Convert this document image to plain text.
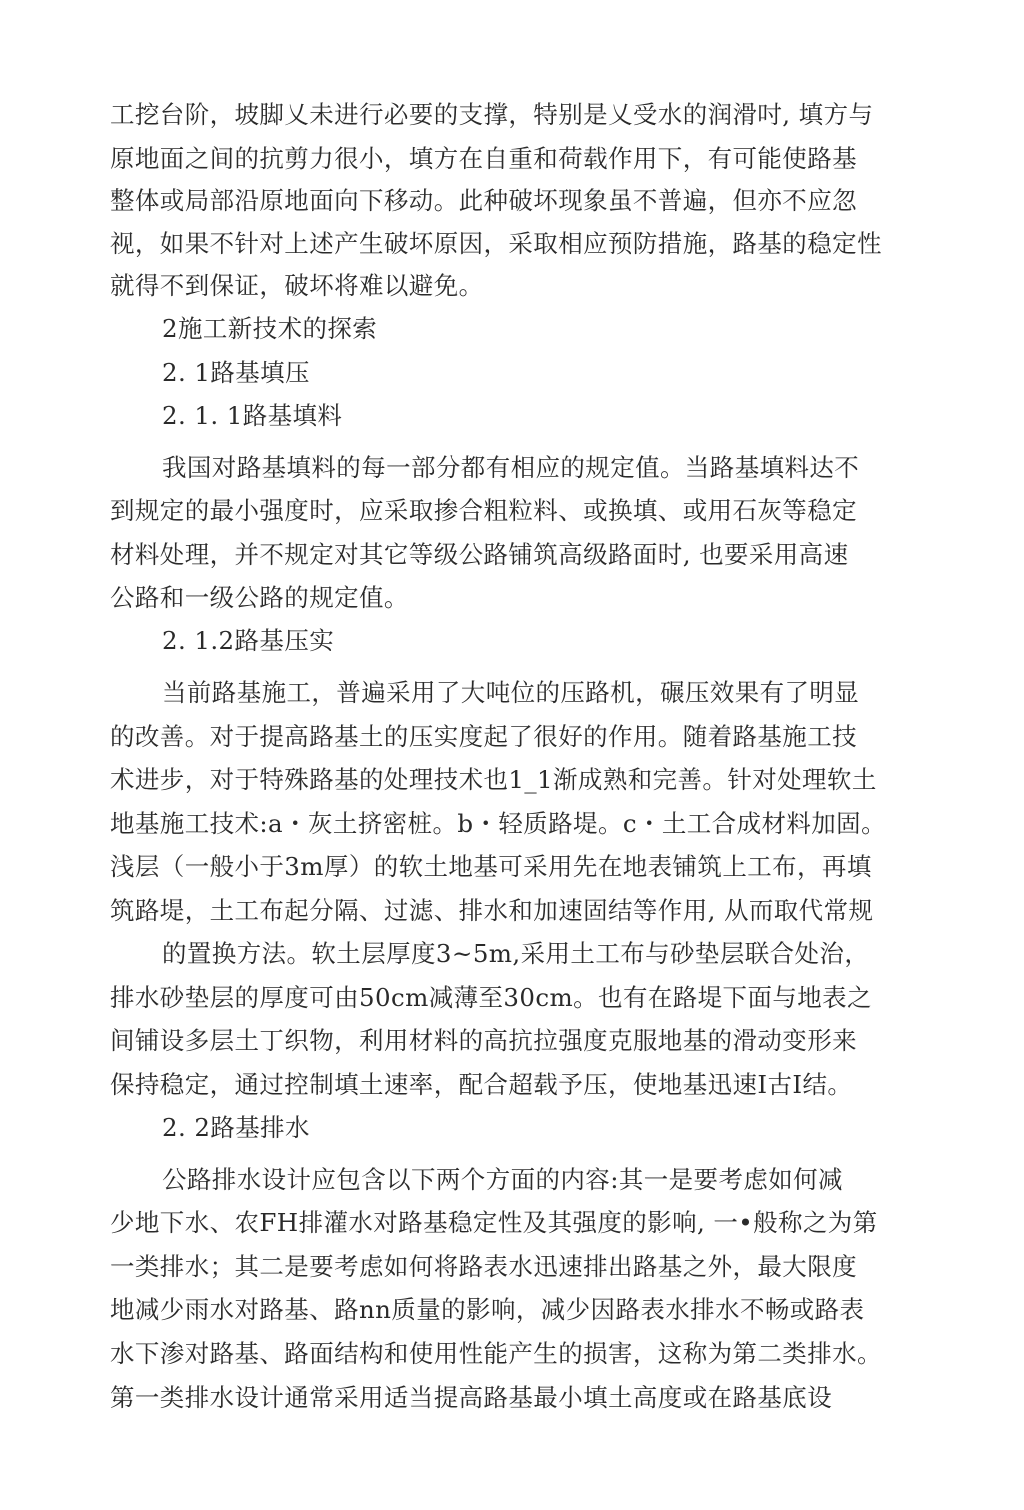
工挖台阶，坡脚乂未进行必要的支撑，特别是乂受水的润滑吋, 填方与
原地面之间的抗剪力很小，填方在自重和荷载作用下，有可能使路基
整体或局部沿原地面向下移动。此种破坏现象虽不普遍，但亦不应忽
视，如果不针对上述产生破坏原因，采取相应预防措施，路基的稳定性
就得不到保证，破坏将难以避免。
2施工新技术的探索
2. 1路基填压
2. 1. 1路基填料
我国对路基填料的每一部分都有相应的规定值。当路基填料达不
到规定的最小强度时，应采取掺合粗粒料、或换填、或用石灰等稳定
材料处理，并不规定对其它等级公路铺筑高级路面时, 也要采用高速
公路和一级公路的规定值。
2. 1.2路基压实
当前路基施工，普遍采用了大吨位的压路机，碾压效果有了明显
的改善。对于提高路基土的压实度起了很好的作用。随着路基施工技
术进步，对于特殊路基的处理技术也1_1渐成熟和完善。针对处理软土
地基施工技术:a・灰土挤密桩。b・轻质路堤。c・土工合成材料加固。
浅层（一般小于3m厚）的软土地基可采用先在地表铺筑上工布，再填
筑路堤，土工布起分隔、过滤、排水和加速固结等作用, 从而取代常规
的置换方法。软土层厚度3~5m,采用土工布与砂垫层联合处治，
排水砂垫层的厚度可由50cm减薄至30cm。也有在路堤下面与地表之
间铺设多层土丁织物，利用材料的高抗拉强度克服地基的滑动变形来
保持稳定，通过控制填土速率，配合超载予压，使地基迅速I古I结。
2. 2路基排水
公路排水设计应包含以下两个方面的内容:其一是要考虑如何减
少地下水、农FH排灌水对路基稳定性及其强度的影响, 一•般称之为第
一类排水；其二是要考虑如何将路表水迅速排出路基之外，最大限度
地减少雨水对路基、路nn质量的影响，减少因路表水排水不畅或路表
水下渗对路基、路面结构和使用性能产生的损害，这称为第二类排水。
第一类排水设计通常采用适当提高路基最小填土高度或在路基底设
